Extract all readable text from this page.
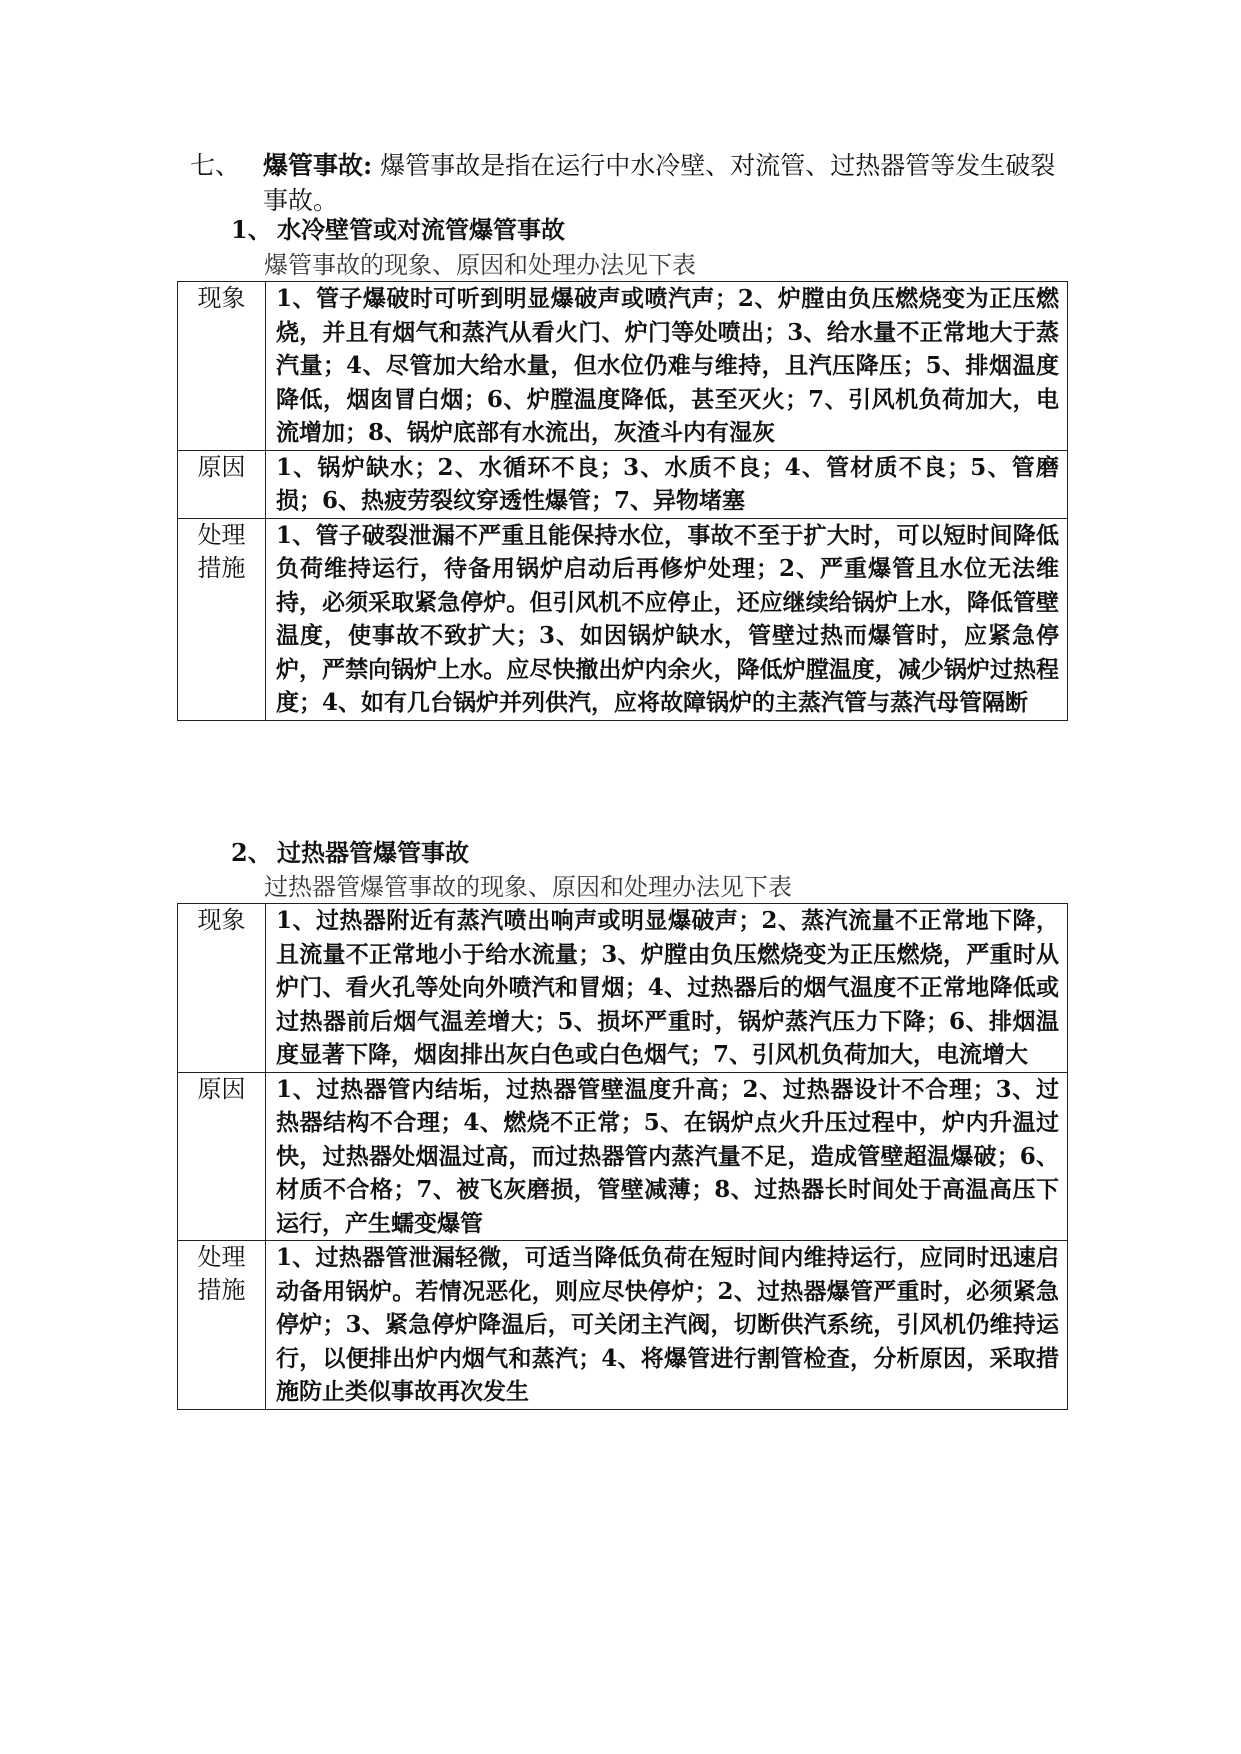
七、 爆管事故: 爆管事故是指在运行中水冷壁、对流管、过热器管等发生破裂事故。
1、 水冷壁管或对流管爆管事故
爆管事故的现象、原因和处理办法见下表
现象	1、管子爆破时可听到明显爆破声或喷汽声；2、炉膛由负压燃烧变为正压燃烧，并且有烟气和蒸汽从看火门、炉门等处喷出；3、给水量不正常地大于蒸汽量；4、尽管加大给水量，但水位仍难与维持，且汽压降压；5、排烟温度降低，烟囱冒白烟；6、炉膛温度降低，甚至灭火；7、引风机负荷加大，电流增加；8、锅炉底部有水流出，灰渣斗内有湿灰
原因	1、锅炉缺水；2、水循环不良；3、水质不良；4、管材质不良；5、管磨损；6、热疲劳裂纹穿透性爆管；7、异物堵塞
处理措施	1、管子破裂泄漏不严重且能保持水位，事故不至于扩大时，可以短时间降低负荷维持运行，待备用锅炉启动后再修炉处理；2、严重爆管且水位无法维持，必须采取紧急停炉。但引风机不应停止，还应继续给锅炉上水，降低管壁温度，使事故不致扩大；3、如因锅炉缺水，管壁过热而爆管时，应紧急停炉，严禁向锅炉上水。应尽快撤出炉内余火，降低炉膛温度，减少锅炉过热程度；4、如有几台锅炉并列供汽，应将故障锅炉的主蒸汽管与蒸汽母管隔断
2、 过热器管爆管事故
过热器管爆管事故的现象、原因和处理办法见下表
现象	1、过热器附近有蒸汽喷出响声或明显爆破声；2、蒸汽流量不正常地下降，且流量不正常地小于给水流量；3、炉膛由负压燃烧变为正压燃烧，严重时从炉门、看火孔等处向外喷汽和冒烟；4、过热器后的烟气温度不正常地降低或过热器前后烟气温差增大；5、损坏严重时，锅炉蒸汽压力下降；6、排烟温度显著下降，烟囱排出灰白色或白色烟气；7、引风机负荷加大，电流增大
原因	1、过热器管内结垢，过热器管壁温度升高；2、过热器设计不合理；3、过热器结构不合理；4、燃烧不正常；5、在锅炉点火升压过程中，炉内升温过快，过热器处烟温过高，而过热器管内蒸汽量不足，造成管壁超温爆破；6、材质不合格；7、被飞灰磨损，管壁减薄；8、过热器长时间处于高温高压下运行，产生蠕变爆管
处理措施	1、过热器管泄漏轻微，可适当降低负荷在短时间内维持运行，应同时迅速启动备用锅炉。若情况恶化，则应尽快停炉；2、过热器爆管严重时，必须紧急停炉；3、紧急停炉降温后，可关闭主汽阀，切断供汽系统，引风机仍维持运行，以便排出炉内烟气和蒸汽；4、将爆管进行割管检查，分析原因，采取措施防止类似事故再次发生
